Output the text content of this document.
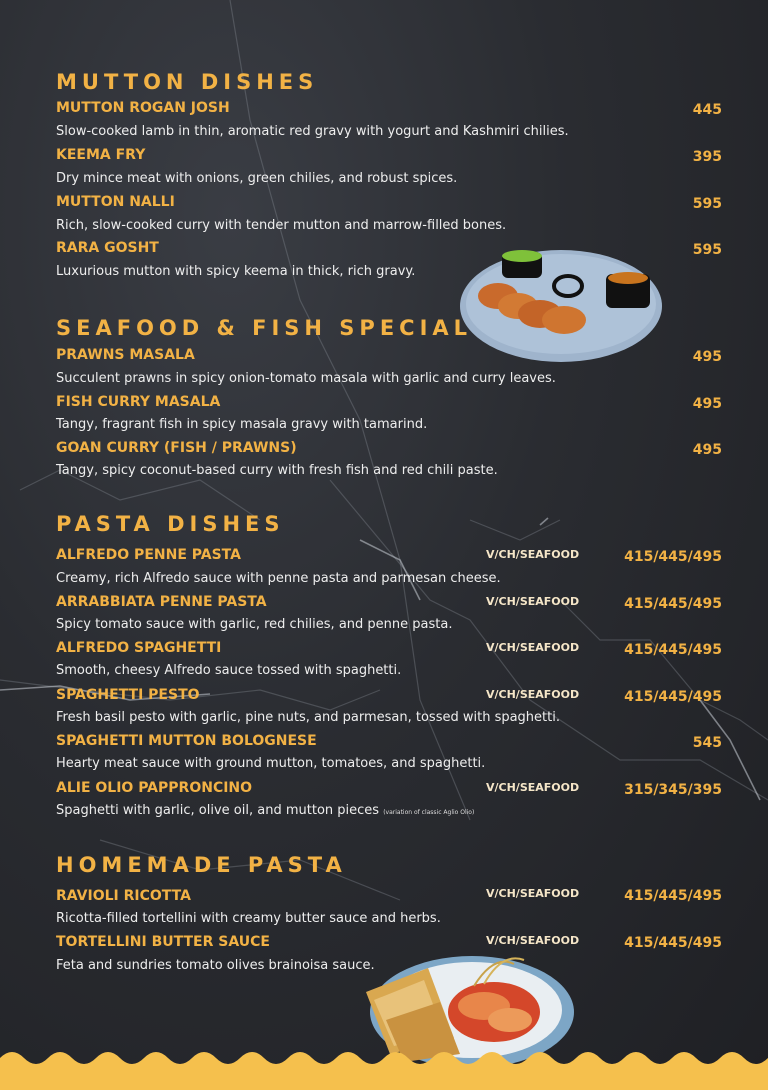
MUTTON DISHES
MUTTON ROGAN JOSH	445
Slow-cooked lamb in thin, aromatic red gravy with yogurt and Kashmiri chilies.
KEEMA FRY	395
Dry mince meat with onions, green chilies, and robust spices.
MUTTON NALLI	595
Rich, slow-cooked curry with tender mutton and marrow-filled bones.
RARA GOSHT	595
Luxurious mutton with spicy keema in thick, rich gravy.
SEAFOOD & FISH SPECIAL
PRAWNS MASALA	495
Succulent prawns in spicy onion-tomato masala with garlic and curry leaves.
FISH CURRY MASALA	495
Tangy, fragrant fish in spicy masala gravy with tamarind.
GOAN CURRY (FISH / PRAWNS)	495
Tangy, spicy coconut-based curry with fresh fish and red chili paste.
PASTA DISHES
ALFREDO PENNE PASTA	V/CH/SEAFOOD	415/445/495
Creamy, rich Alfredo sauce with penne pasta and parmesan cheese.
ARRABBIATA PENNE PASTA	V/CH/SEAFOOD	415/445/495
Spicy tomato sauce with garlic, red chilies, and penne pasta.
ALFREDO SPAGHETTI	V/CH/SEAFOOD	415/445/495
Smooth, cheesy Alfredo sauce tossed with spaghetti.
SPAGHETTI PESTO	V/CH/SEAFOOD	415/445/495
Fresh basil pesto with garlic, pine nuts, and parmesan, tossed with spaghetti.
SPAGHETTI MUTTON BOLOGNESE	545
Hearty meat sauce with ground mutton, tomatoes, and spaghetti.
ALIE OLIO PAPPRONCINO	V/CH/SEAFOOD	315/345/395
Spaghetti with garlic, olive oil, and mutton pieces (variation of classic Aglio Olio)
HOMEMADE PASTA
RAVIOLI RICOTTA	V/CH/SEAFOOD	415/445/495
Ricotta-filled tortellini with creamy butter sauce and herbs.
TORTELLINI BUTTER SAUCE	V/CH/SEAFOOD	415/445/495
Feta and sundries tomato olives brainoisa sauce.
